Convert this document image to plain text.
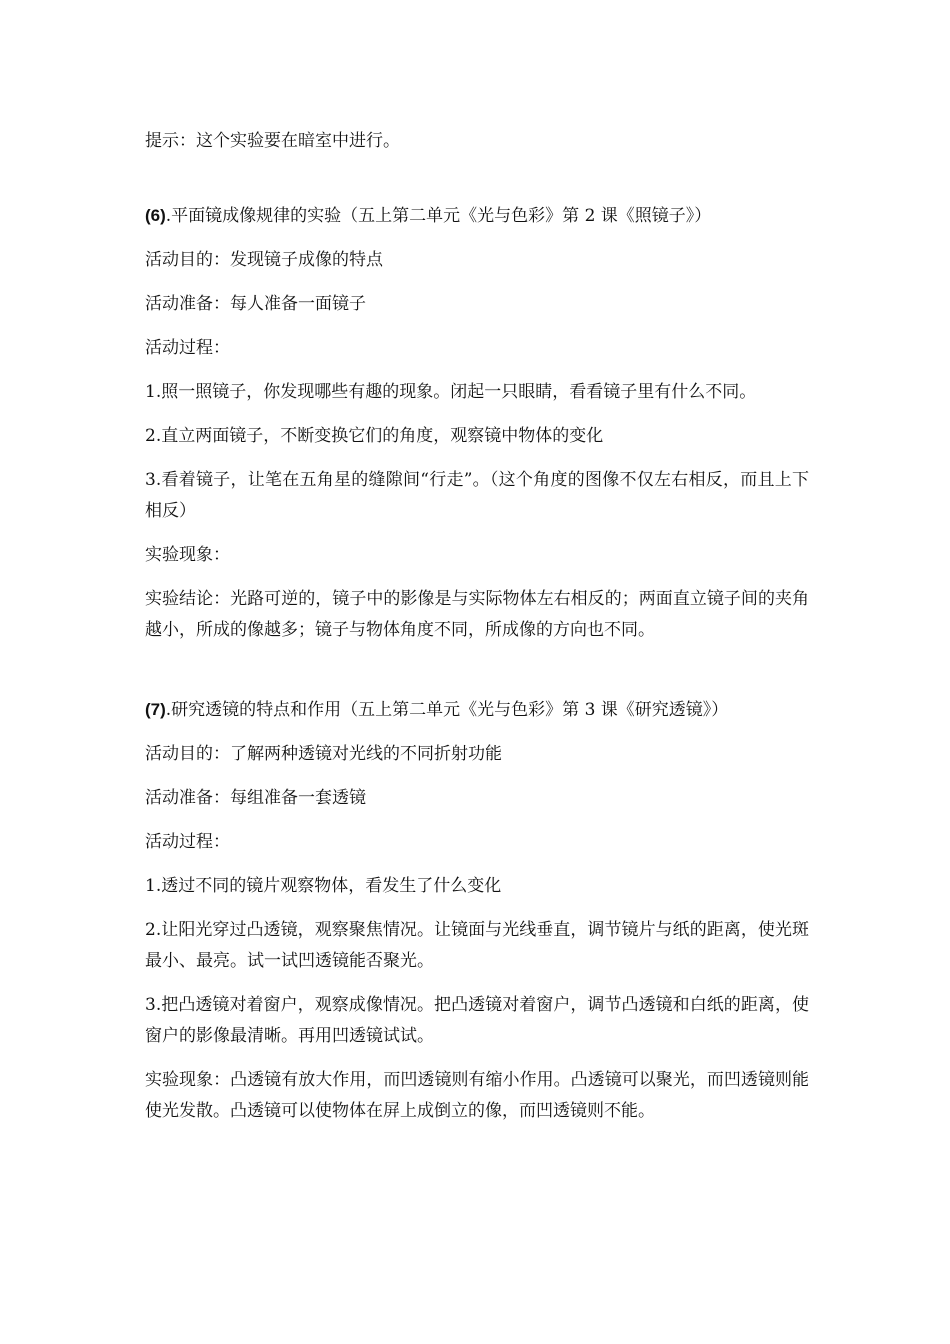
提示：这个实验要在暗室中进行。

(6).平面镜成像规律的实验（五上第二单元《光与色彩》第 2 课《照镜子》）

活动目的：发现镜子成像的特点

活动准备：每人准备一面镜子

活动过程：

1.照一照镜子，你发现哪些有趣的现象。闭起一只眼睛，看看镜子里有什么不同。

2.直立两面镜子，不断变换它们的角度，观察镜中物体的变化

3.看着镜子，让笔在五角星的缝隙间“行走”。（这个角度的图像不仅左右相反，而且上下相反）

实验现象：

实验结论：光路可逆的，镜子中的影像是与实际物体左右相反的；两面直立镜子间的夹角越小，所成的像越多；镜子与物体角度不同，所成像的方向也不同。

(7).研究透镜的特点和作用（五上第二单元《光与色彩》第 3 课《研究透镜》）

活动目的：了解两种透镜对光线的不同折射功能

活动准备：每组准备一套透镜

活动过程：

1.透过不同的镜片观察物体，看发生了什么变化

2.让阳光穿过凸透镜，观察聚焦情况。让镜面与光线垂直，调节镜片与纸的距离，使光斑最小、最亮。试一试凹透镜能否聚光。

3.把凸透镜对着窗户，观察成像情况。把凸透镜对着窗户，调节凸透镜和白纸的距离，使窗户的影像最清晰。再用凹透镜试试。

实验现象：凸透镜有放大作用，而凹透镜则有缩小作用。凸透镜可以聚光，而凹透镜则能使光发散。凸透镜可以使物体在屏上成倒立的像，而凹透镜则不能。
